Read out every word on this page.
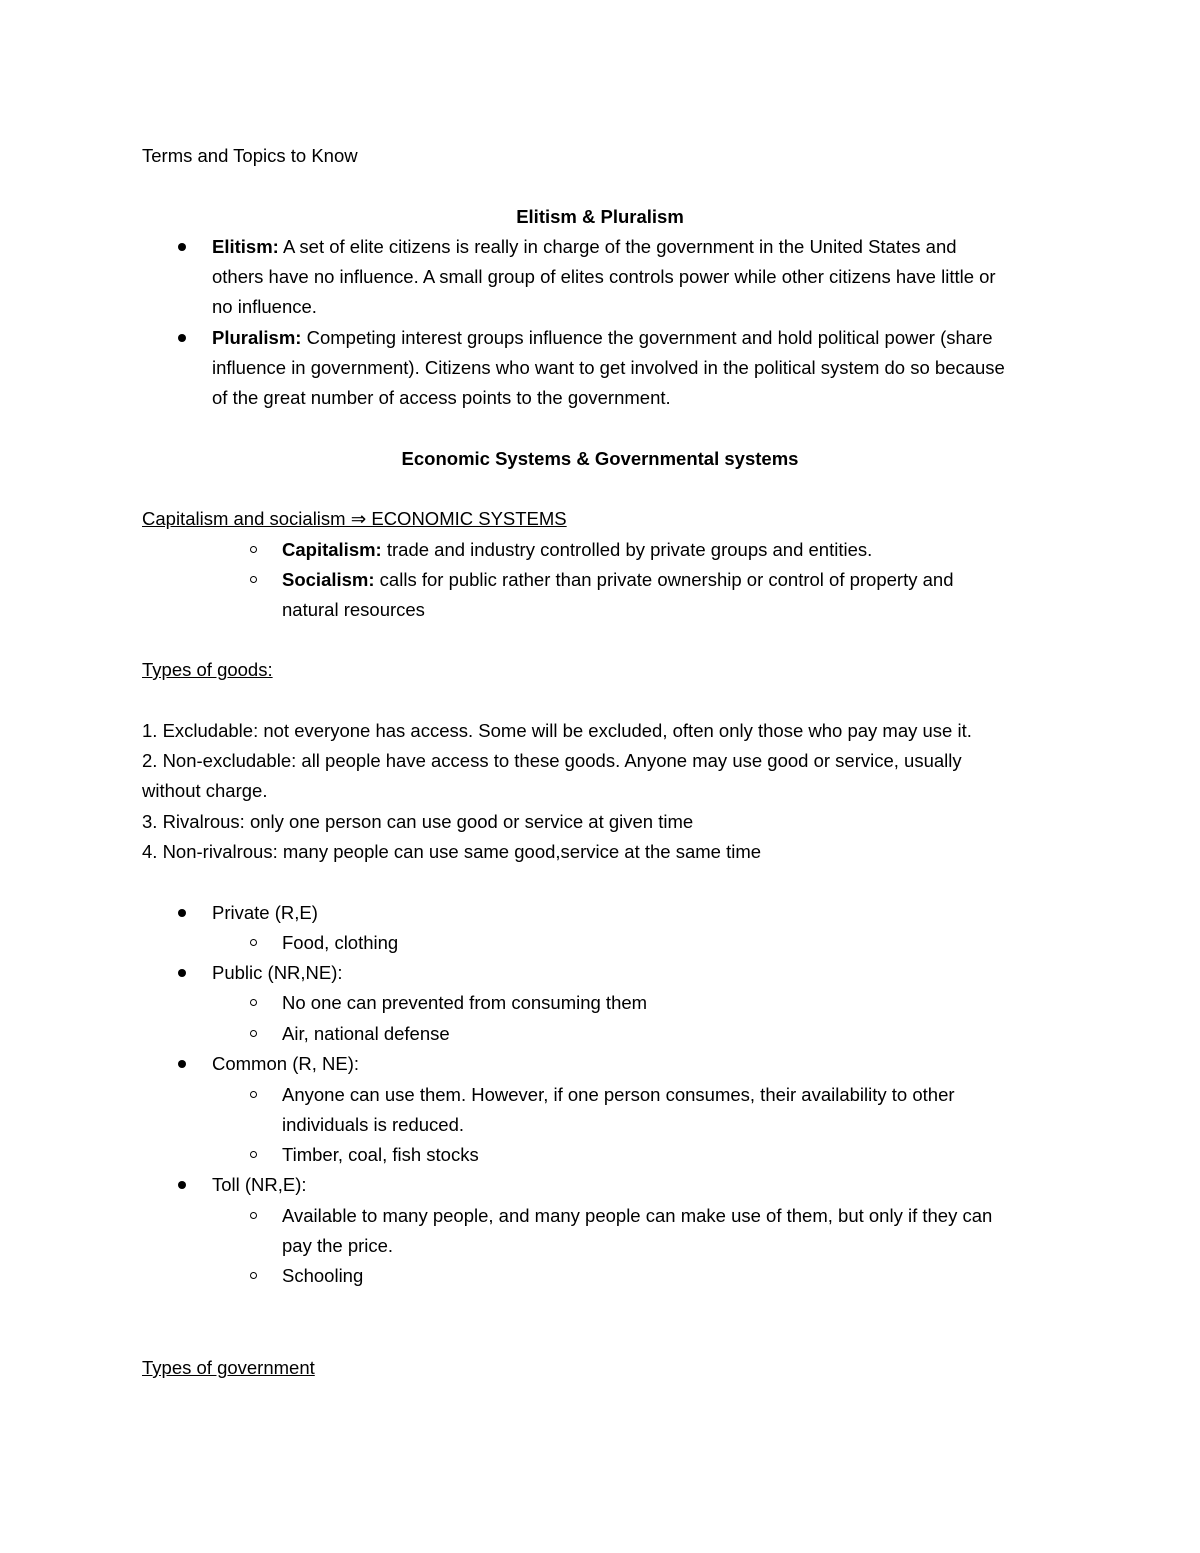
Terms and Topics to Know
Elitism & Pluralism
Elitism: A set of elite citizens is really in charge of the government in the United States and
others have no influence. A small group of elites controls power while other citizens have little or
no influence.
Pluralism: Competing interest groups influence the government and hold political power (share
influence in government). Citizens who want to get involved in the political system do so because
of the great number of access points to the government.
Economic Systems & Governmental systems
Capitalism and socialism ⇒ ECONOMIC SYSTEMS
Capitalism: trade and industry controlled by private groups and entities.
Socialism: calls for public rather than private ownership or control of property and
natural resources
Types of goods:
1. Excludable: not everyone has access. Some will be excluded, often only those who pay may use it.
2. Non-excludable: all people have access to these goods. Anyone may use good or service, usually
without charge.
3. Rivalrous: only one person can use good or service at given time
4. Non-rivalrous: many people can use same good,service at the same time
Private (R,E)
Food, clothing
Public (NR,NE):
No one can prevented from consuming them
Air, national defense
Common (R, NE):
Anyone can use them. However, if one person consumes, their availability to other
individuals is reduced.
Timber, coal, fish stocks
Toll (NR,E):
Available to many people, and many people can make use of them, but only if they can
pay the price.
Schooling
Types of government
